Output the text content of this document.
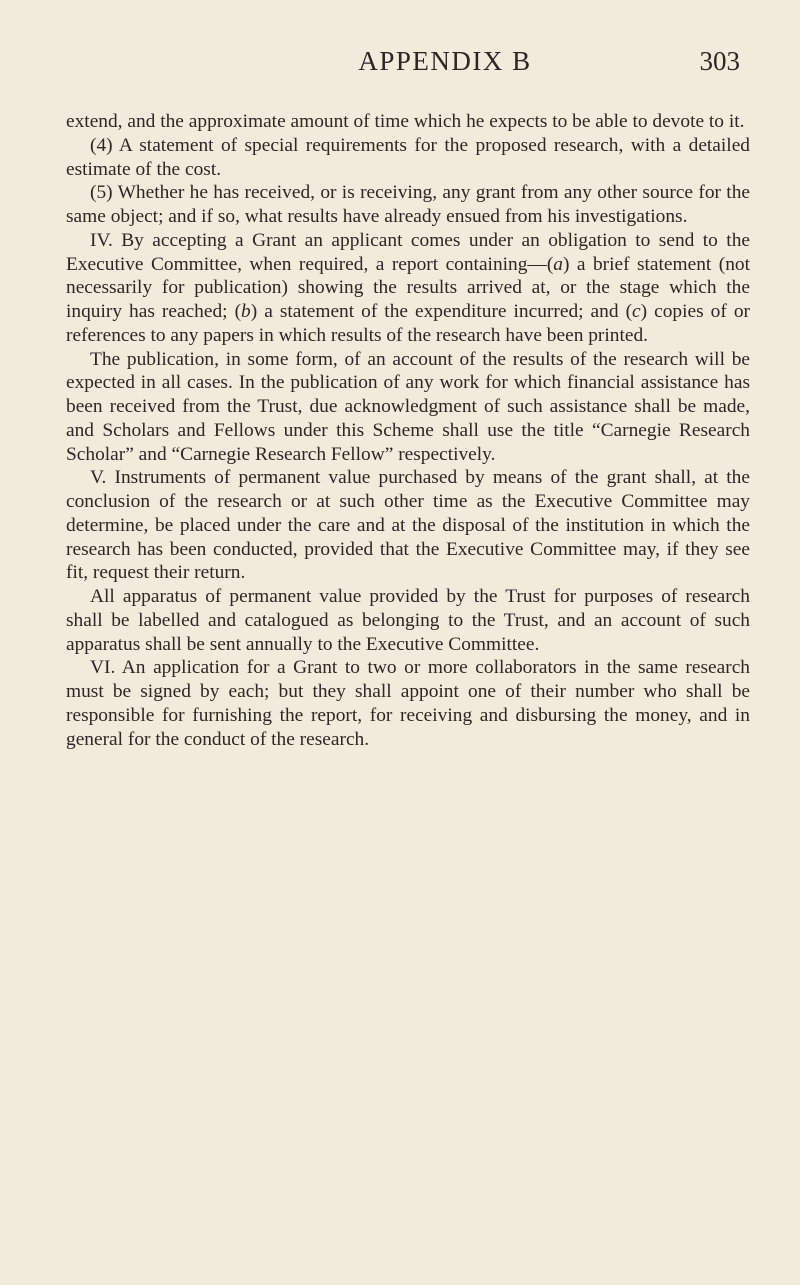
APPENDIX B	303

extend, and the approximate amount of time which he expects to be able to devote to it.

(4) A statement of special requirements for the proposed research, with a detailed estimate of the cost.

(5) Whether he has received, or is receiving, any grant from any other source for the same object; and if so, what results have already ensued from his investigations.

IV. By accepting a Grant an applicant comes under an obligation to send to the Executive Committee, when required, a report containing—(a) a brief statement (not necessarily for publication) showing the results arrived at, or the stage which the inquiry has reached; (b) a statement of the expenditure incurred; and (c) copies of or references to any papers in which results of the research have been printed.

The publication, in some form, of an account of the results of the research will be expected in all cases. In the publication of any work for which financial assistance has been received from the Trust, due acknowledgment of such assistance shall be made, and Scholars and Fellows under this Scheme shall use the title “Carnegie Research Scholar” and “Carnegie Research Fellow” respectively.

V. Instruments of permanent value purchased by means of the grant shall, at the conclusion of the research or at such other time as the Executive Committee may determine, be placed under the care and at the disposal of the institution in which the research has been conducted, provided that the Executive Committee may, if they see fit, request their return.

All apparatus of permanent value provided by the Trust for purposes of research shall be labelled and catalogued as belonging to the Trust, and an account of such apparatus shall be sent annually to the Executive Committee.

VI. An application for a Grant to two or more collaborators in the same research must be signed by each; but they shall appoint one of their number who shall be responsible for furnishing the report, for receiving and disbursing the money, and in general for the conduct of the research.
